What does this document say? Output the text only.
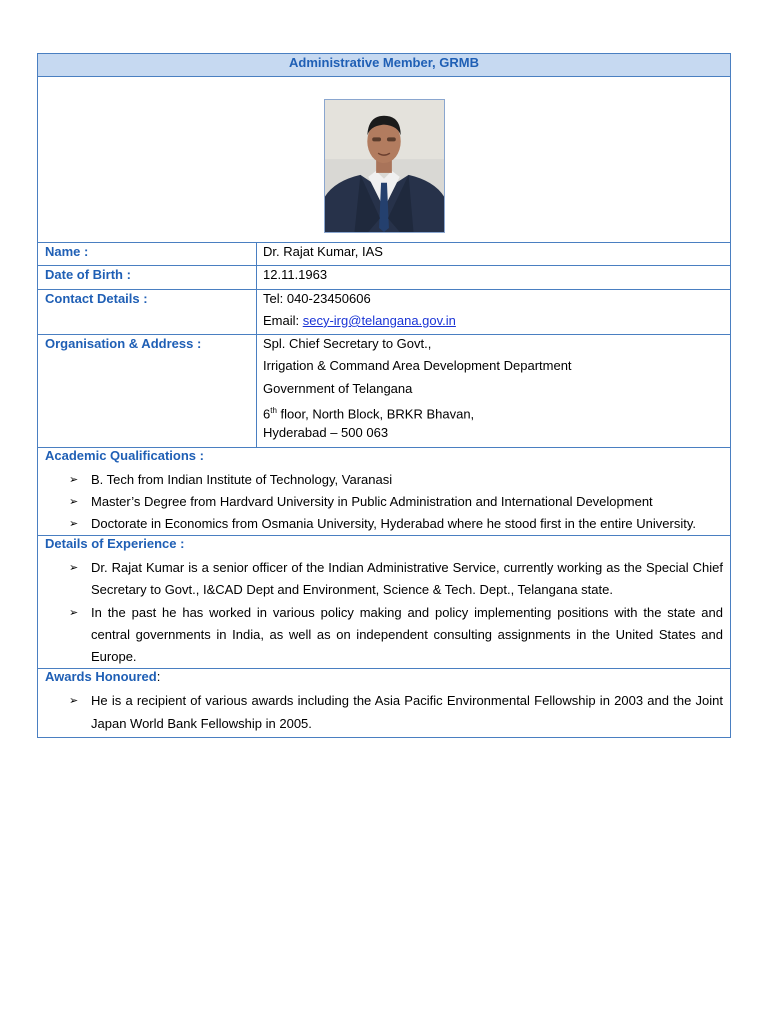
Administrative Member, GRMB
Name :	Dr. Rajat Kumar, IAS
Date of Birth :	12.11.1963
Contact Details :	Tel: 040-23450606
Email: secy-irg@telangana.gov.in
Organisation & Address :	Spl. Chief Secretary to Govt.,
Irrigation & Command Area Development Department
Government of Telangana
6th floor, North Block, BRKR Bhavan,
Hyderabad – 500 063
Academic Qualifications :
➢ B. Tech from Indian Institute of Technology, Varanasi
➢ Master’s Degree from Hardvard University in Public Administration and International Development
➢ Doctorate in Economics from Osmania University, Hyderabad where he stood first in the entire University.
Details of Experience :
➢ Dr. Rajat Kumar is a senior officer of the Indian Administrative Service, currently working as the Special Chief Secretary to Govt., I&CAD Dept and Environment, Science & Tech. Dept., Telangana state.
➢ In the past he has worked in various policy making and policy implementing positions with the state and central governments in India, as well as on independent consulting assignments in the United States and Europe.
Awards Honoured:
➢ He is a recipient of various awards including the Asia Pacific Environmental Fellowship in 2003 and the Joint Japan World Bank Fellowship in 2005.
